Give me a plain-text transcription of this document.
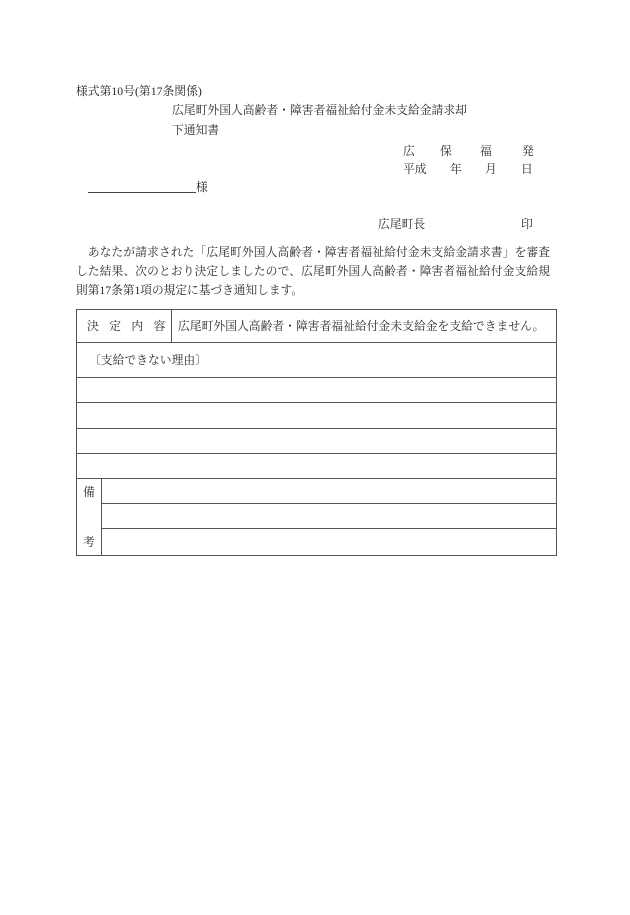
様式第10号(第17条関係)
広尾町外国人高齢者・障害者福祉給付金未支給金請求却
下通知書
広 保 福	発
平成 年 月 日
様
広尾町長	印
　あなたが請求された「広尾町外国人高齢者・障害者福祉給付金未支給金請求書」を審査
した結果、次のとおり決定しましたので、広尾町外国人高齢者・障害者福祉給付金支給規
則第17条第1項の規定に基づき通知します。
決定内容 広尾町外国人高齢者・障害者福祉給付金未支給金を支給できません。
〔支給できない理由〕
備
考
